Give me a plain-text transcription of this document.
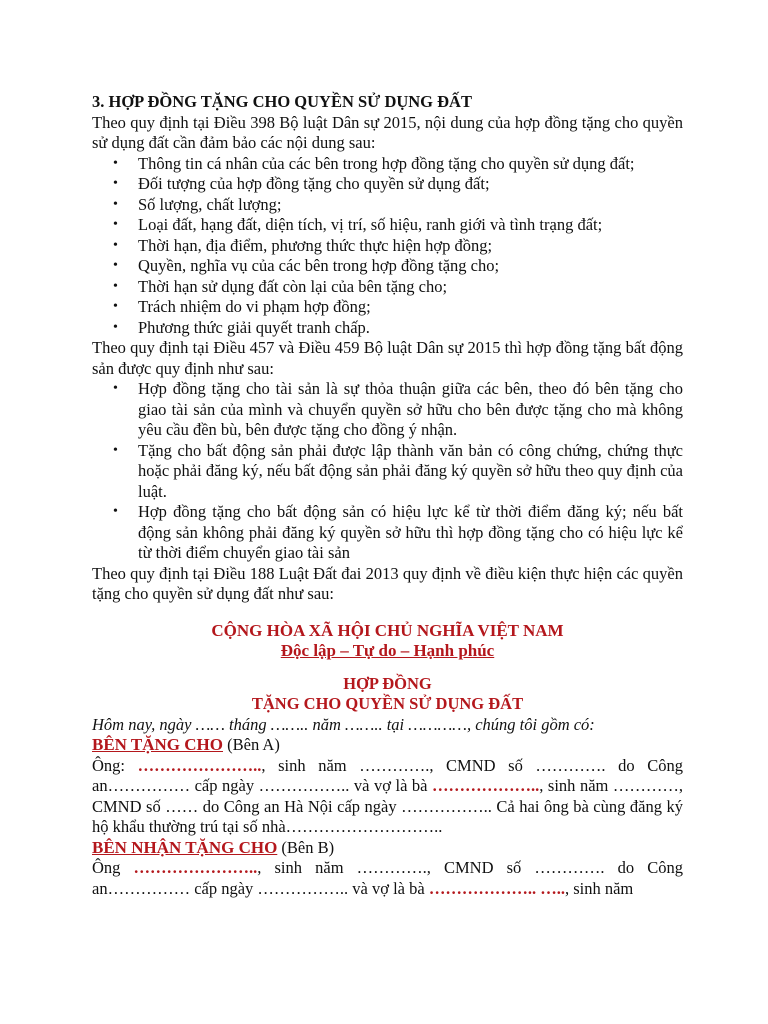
3. HỢP ĐỒNG TẶNG CHO QUYỀN SỬ DỤNG ĐẤT

Theo quy định tại Điều 398 Bộ luật Dân sự 2015, nội dung của hợp đồng tặng cho quyền sử dụng đất cần đảm bảo các nội dung sau:

• Thông tin cá nhân của các bên trong hợp đồng tặng cho quyền sử dụng đất;
• Đối tượng của hợp đồng tặng cho quyền sử dụng đất;
• Số lượng, chất lượng;
• Loại đất, hạng đất, diện tích, vị trí, số hiệu, ranh giới và tình trạng đất;
• Thời hạn, địa điểm, phương thức thực hiện hợp đồng;
• Quyền, nghĩa vụ của các bên trong hợp đồng tặng cho;
• Thời hạn sử dụng đất còn lại của bên tặng cho;
• Trách nhiệm do vi phạm hợp đồng;
• Phương thức giải quyết tranh chấp.

Theo quy định tại Điều 457 và Điều 459 Bộ luật Dân sự 2015 thì hợp đồng tặng bất động sản được quy định như sau:

• Hợp đồng tặng cho tài sản là sự thỏa thuận giữa các bên, theo đó bên tặng cho giao tài sản của mình và chuyển quyền sở hữu cho bên được tặng cho mà không yêu cầu đền bù, bên được tặng cho đồng ý nhận.
• Tặng cho bất động sản phải được lập thành văn bản có công chứng, chứng thực hoặc phải đăng ký, nếu bất động sản phải đăng ký quyền sở hữu theo quy định của luật.
• Hợp đồng tặng cho bất động sản có hiệu lực kể từ thời điểm đăng ký; nếu bất động sản không phải đăng ký quyền sở hữu thì hợp đồng tặng cho có hiệu lực kể từ thời điểm chuyển giao tài sản

Theo quy định tại Điều 188 Luật Đất đai 2013 quy định về điều kiện thực hiện các quyền tặng cho quyền sử dụng đất như sau:

CỘNG HÒA XÃ HỘI CHỦ NGHĨA VIỆT NAM

Độc lập – Tự do – Hạnh phúc

HỢP ĐỒNG

TẶNG CHO QUYỀN SỬ DỤNG ĐẤT

Hôm nay, ngày …… tháng …….. năm …….. tại …………, chúng tôi gồm có:

BÊN TẶNG CHO (Bên A)

Ông: ………………….., sinh năm …………., CMND số …………. do Công an…………… cấp ngày …………….. và vợ là bà ……………….., sinh năm …………, CMND số …… do Công an Hà Nội cấp ngày …………….. Cả hai ông bà cùng đăng ký hộ khẩu thường trú tại số nhà………………………..

BÊN NHẬN TẶNG CHO (Bên B)

Ông ………………….., sinh năm …………., CMND số …………. do Công an…………… cấp ngày …………….. và vợ là bà ……………….. ….., sinh năm
